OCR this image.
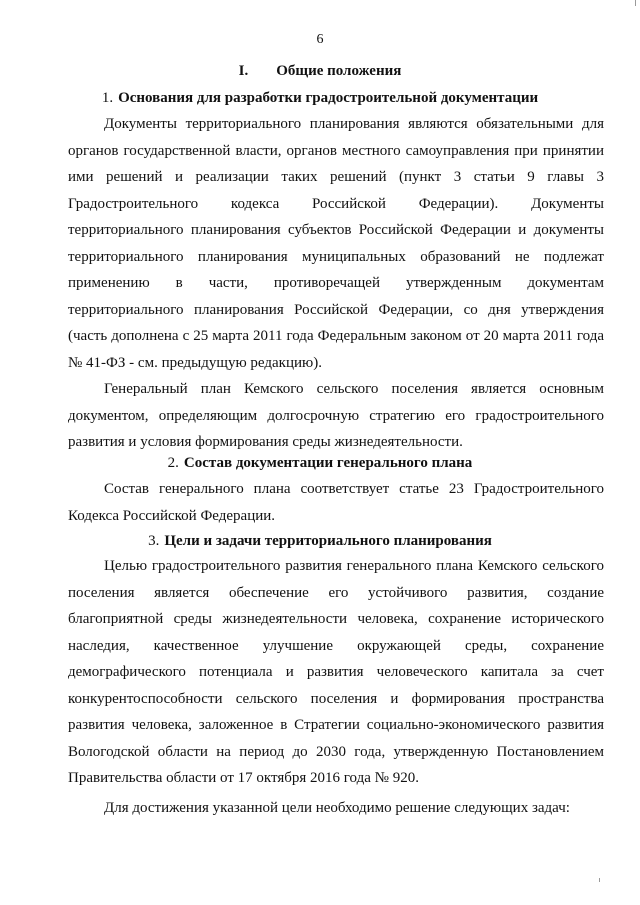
6
I. Общие положения
1. Основания для разработки градостроительной документации

Документы территориального планирования являются обязательными для органов государственной власти, органов местного самоуправления при принятии ими решений и реализации таких решений (пункт 3 статьи 9 главы 3 Градостроительного кодекса Российской Федерации). Документы территориального планирования субъектов Российской Федерации и документы территориального планирования муниципальных образований не подлежат применению в части, противоречащей утвержденным документам территориального планирования Российской Федерации, со дня утверждения (часть дополнена с 25 марта 2011 года Федеральным законом от 20 марта 2011 года № 41-ФЗ - см. предыдущую редакцию).

Генеральный план Кемского сельского поселения является основным документом, определяющим долгосрочную стратегию его градостроительного развития и условия формирования среды жизнедеятельности.

2. Состав документации генерального плана

Состав генерального плана соответствует статье 23 Градостроительного Кодекса Российской Федерации.

3. Цели и задачи территориального планирования

Целью градостроительного развития генерального плана Кемского сельского поселения является обеспечение его устойчивого развития, создание благоприятной среды жизнедеятельности человека, сохранение исторического наследия, качественное улучшение окружающей среды, сохранение демографического потенциала и развития человеческого капитала за счет конкурентоспособности сельского поселения и формирования пространства развития человека, заложенное в Стратегии социально-экономического развития Вологодской области на период до 2030 года, утвержденную Постановлением Правительства области от 17 октября 2016 года № 920.

Для достижения указанной цели необходимо решение следующих задач:
